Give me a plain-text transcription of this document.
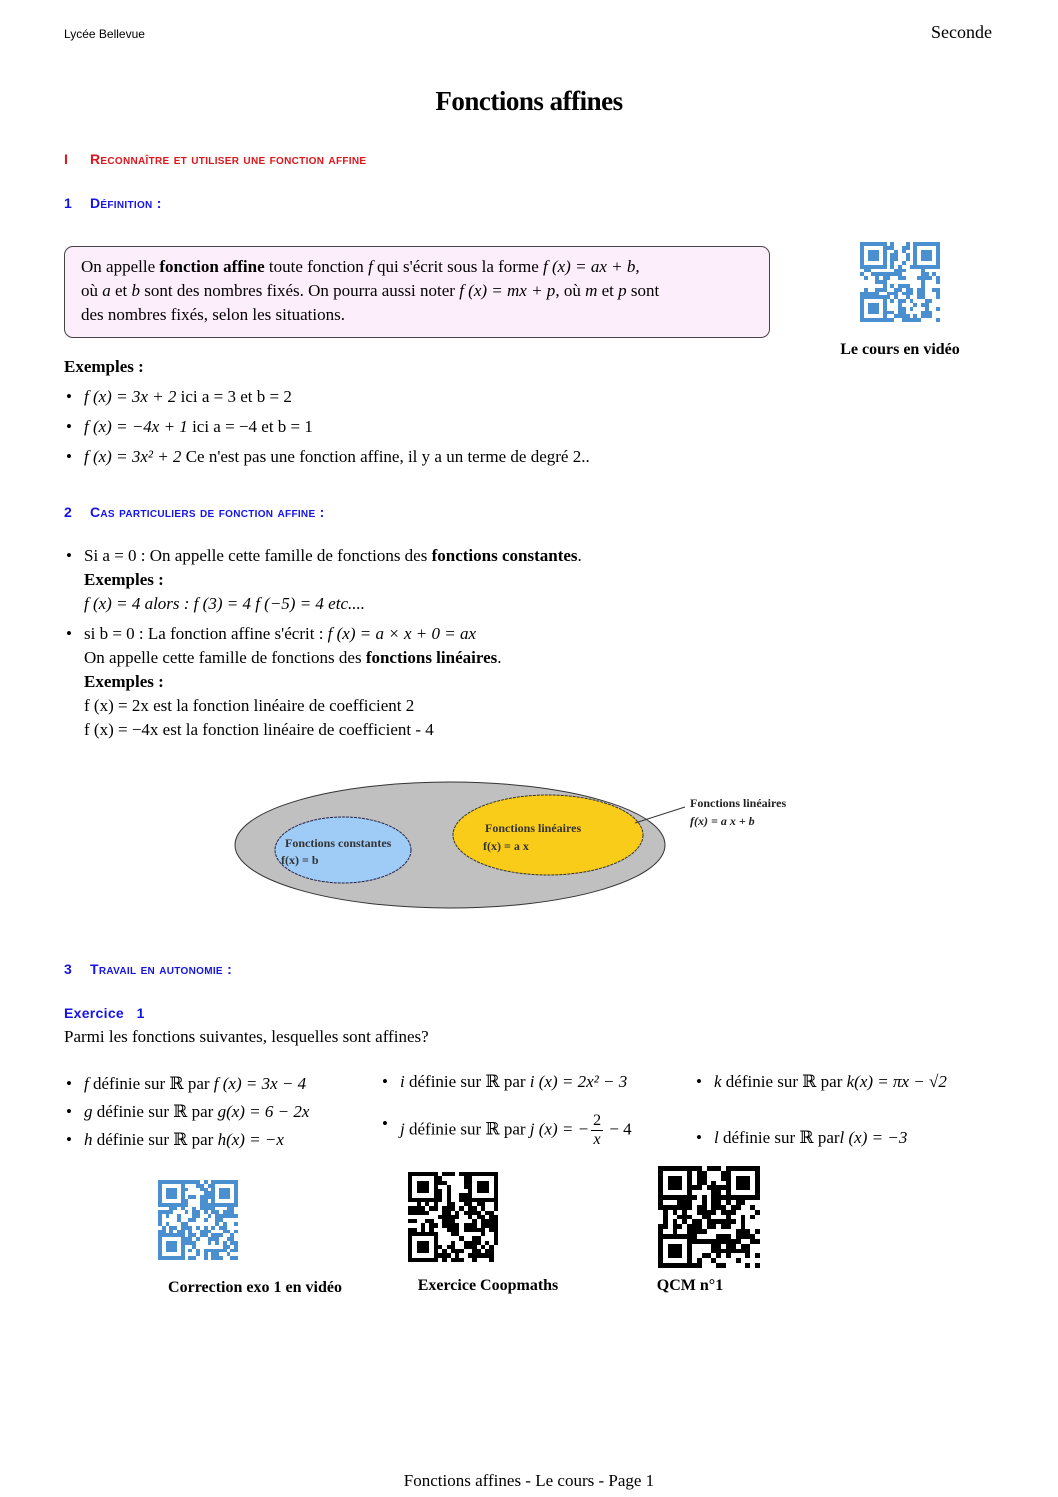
Lycée Bellevue	Seconde
Fonctions affines
I Reconnaître et utiliser une fonction affine
1 Définition :
On appelle fonction affine toute fonction f qui s'écrit sous la forme f (x) = ax + b,
où a et b sont des nombres fixés. On pourra aussi noter f (x) = mx + p, où m et p sont
des nombres fixés, selon les situations.
Le cours en vidéo
Exemples :
• f (x) = 3x + 2 ici a = 3 et b = 2
• f (x) = −4x + 1 ici a = −4 et b = 1
• f (x) = 3x² + 2 Ce n'est pas une fonction affine, il y a un terme de degré 2..
2 Cas particuliers de fonction affine :
• Si a = 0 : On appelle cette famille de fonctions des fonctions constantes.
Exemples :
f (x) = 4 alors : f (3) = 4 f (−5) = 4 etc....
• si b = 0 : La fonction affine s'écrit : f (x) = a × x + 0 = ax
On appelle cette famille de fonctions des fonctions linéaires.
Exemples :
f (x) = 2x est la fonction linéaire de coefficient 2
f (x) = −4x est la fonction linéaire de coefficient - 4
Fonctions linéaires
f(x) = a x + b
Fonctions linéaires
f(x) = a x
Fonctions constantes
f(x) = b
3 Travail en autonomie :
Exercice   1
Parmi les fonctions suivantes, lesquelles sont affines?
• f définie sur ℝ par f (x) = 3x − 4
• g définie sur ℝ par g(x) = 6 − 2x
• h définie sur ℝ par h(x) = −x
• i définie sur ℝ par i (x) = 2x² − 3
• j définie sur ℝ par j (x) = − $\frac{2}{x} - 4$
• k définie sur ℝ par k(x) = πx − √2
• l définie sur ℝ parl (x) = −3
Correction exo 1 en vidéo	Exercice Coopmaths	QCM n°1
Fonctions affines - Le cours - Page 1
